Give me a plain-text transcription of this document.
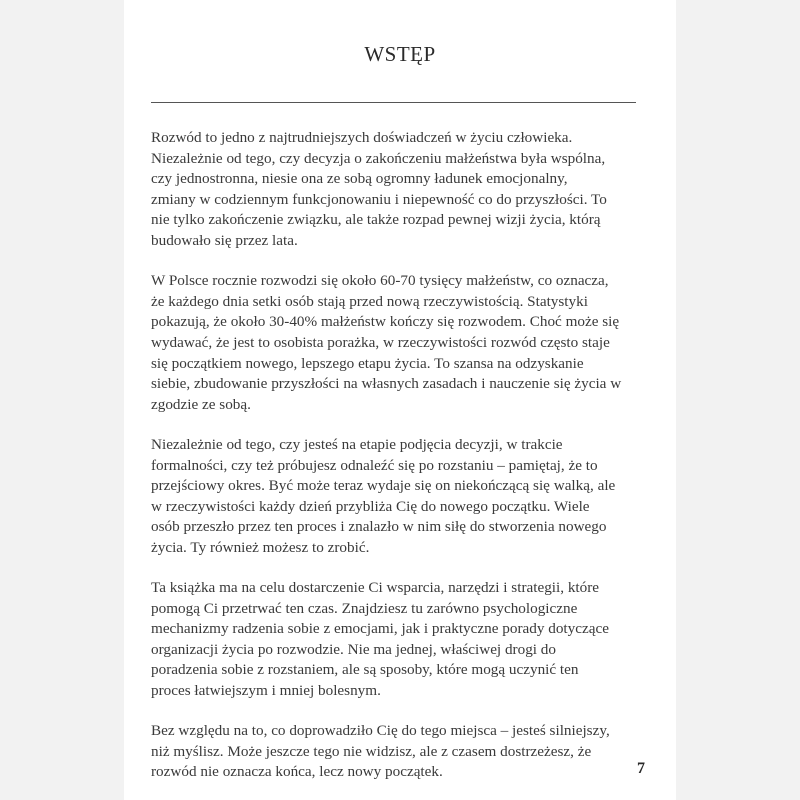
WSTĘP

Rozwód to jedno z najtrudniejszych doświadczeń w życiu człowieka.
Niezależnie od tego, czy decyzja o zakończeniu małżeństwa była wspólna,
czy jednostronna, niesie ona ze sobą ogromny ładunek emocjonalny,
zmiany w codziennym funkcjonowaniu i niepewność co do przyszłości. To
nie tylko zakończenie związku, ale także rozpad pewnej wizji życia, którą
budowało się przez lata.

W Polsce rocznie rozwodzi się około 60-70 tysięcy małżeństw, co oznacza,
że każdego dnia setki osób stają przed nową rzeczywistością. Statystyki
pokazują, że około 30-40% małżeństw kończy się rozwodem. Choć może się
wydawać, że jest to osobista porażka, w rzeczywistości rozwód często staje
się początkiem nowego, lepszego etapu życia. To szansa na odzyskanie
siebie, zbudowanie przyszłości na własnych zasadach i nauczenie się życia w
zgodzie ze sobą.

Niezależnie od tego, czy jesteś na etapie podjęcia decyzji, w trakcie
formalności, czy też próbujesz odnaleźć się po rozstaniu – pamiętaj, że to
przejściowy okres. Być może teraz wydaje się on niekończącą się walką, ale
w rzeczywistości każdy dzień przybliża Cię do nowego początku. Wiele
osób przeszło przez ten proces i znalazło w nim siłę do stworzenia nowego
życia. Ty również możesz to zrobić.

Ta książka ma na celu dostarczenie Ci wsparcia, narzędzi i strategii, które
pomogą Ci przetrwać ten czas. Znajdziesz tu zarówno psychologiczne
mechanizmy radzenia sobie z emocjami, jak i praktyczne porady dotyczące
organizacji życia po rozwodzie. Nie ma jednej, właściwej drogi do
poradzenia sobie z rozstaniem, ale są sposoby, które mogą uczynić ten
proces łatwiejszym i mniej bolesnym.

Bez względu na to, co doprowadziło Cię do tego miejsca – jesteś silniejszy,
niż myślisz. Może jeszcze tego nie widzisz, ale z czasem dostrzeżesz, że
rozwód nie oznacza końca, lecz nowy początek.	7
